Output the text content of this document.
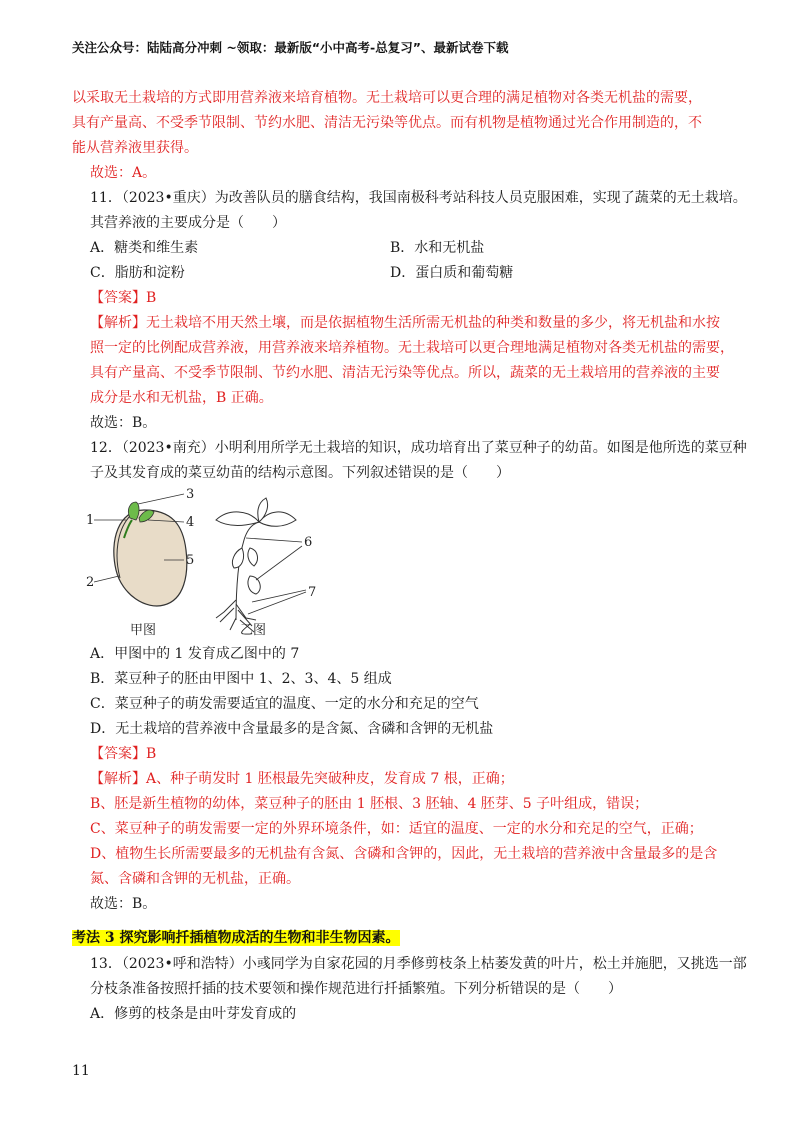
关注公众号：陆陆高分冲刺 ~领取：最新版“小中高考-总复习”、最新试卷下载
以采取无土栽培的方式即用营养液来培育植物。无土栽培可以更合理的满足植物对各类无机盐的需要，
具有产量高、不受季节限制、节约水肥、清洁无污染等优点。而有机物是植物通过光合作用制造的，不
能从营养液里获得。
故选：A。
11．（2023•重庆）为改善队员的膳食结构，我国南极科考站科技人员克服困难，实现了蔬菜的无土栽培。
其营养液的主要成分是（　　）
A．糖类和维生素	B．水和无机盐
C．脂肪和淀粉	D．蛋白质和葡萄糖
【答案】B
【解析】无土栽培不用天然土壤，而是依据植物生活所需无机盐的种类和数量的多少，将无机盐和水按
照一定的比例配成营养液，用营养液来培养植物。无土栽培可以更合理地满足植物对各类无机盐的需要，
具有产量高、不受季节限制、节约水肥、清洁无污染等优点。所以，蔬菜的无土栽培用的营养液的主要
成分是水和无机盐，B 正确。
故选：B。
12．（2023•南充）小明利用所学无土栽培的知识，成功培育出了菜豆种子的幼苗。如图是他所选的菜豆种
子及其发育成的菜豆幼苗的结构示意图。下列叙述错误的是（　　）
1
2
3
4
5
6
7
甲图	乙图
A．甲图中的 1 发育成乙图中的 7
B．菜豆种子的胚由甲图中 1、2、3、4、5 组成
C．菜豆种子的萌发需要适宜的温度、一定的水分和充足的空气
D．无土栽培的营养液中含量最多的是含氮、含磷和含钾的无机盐
【答案】B
【解析】A、种子萌发时 1 胚根最先突破种皮，发育成 7 根，正确；
B、胚是新生植物的幼体，菜豆种子的胚由 1 胚根、3 胚轴、4 胚芽、5 子叶组成，错误；
C、菜豆种子的萌发需要一定的外界环境条件，如：适宜的温度、一定的水分和充足的空气，正确；
D、植物生长所需要最多的无机盐有含氮、含磷和含钾的，因此，无土栽培的营养液中含量最多的是含
氮、含磷和含钾的无机盐，正确。
故选：B。
考法 3 探究影响扦插植物成活的生物和非生物因素。
13．（2023•呼和浩特）小彧同学为自家花园的月季修剪枝条上枯萎发黄的叶片，松土并施肥，又挑选一部
分枝条准备按照扦插的技术要领和操作规范进行扦插繁殖。下列分析错误的是（　　）
A．修剪的枝条是由叶芽发育成的
11
